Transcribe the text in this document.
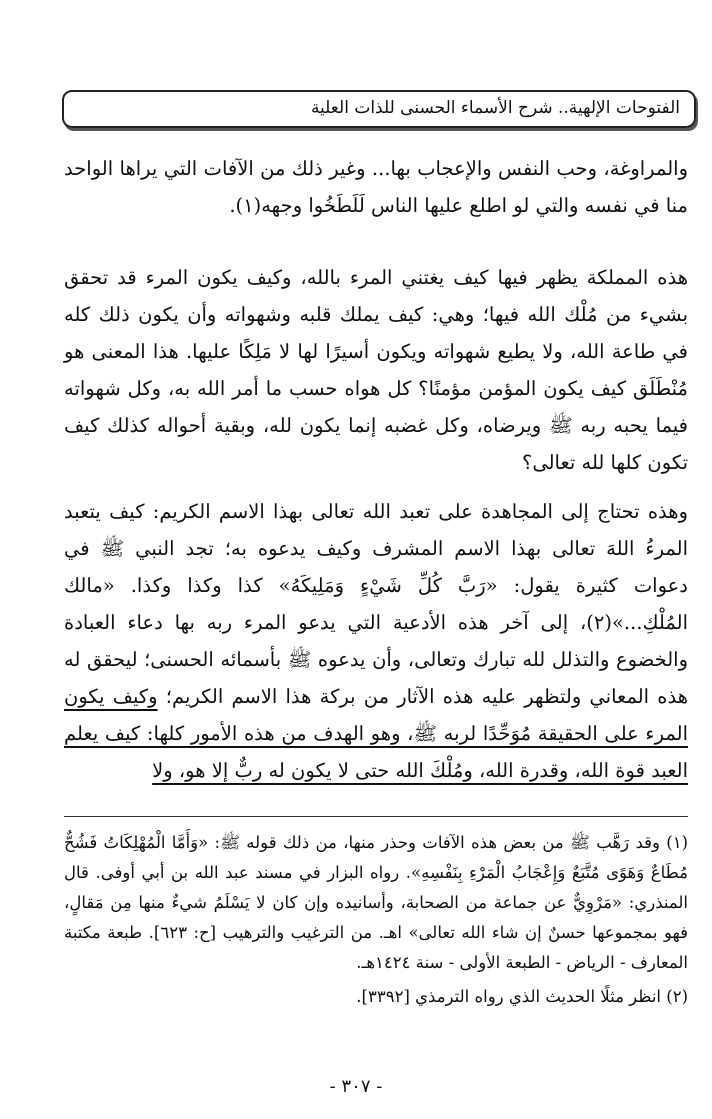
الفتوحات الإلهية.. شرح الأسماء الحسنى للذات العلية

والمراوغة، وحب النفس والإعجاب بها... وغير ذلك من الآفات التي يراها الواحد منا في نفسه والتي لو اطلع عليها الناس لَلَطَخُوا وجهه(١).

هذه المملكة يظهر فيها كيف يغتني المرء بالله، وكيف يكون المرء قد تحقق بشيء من مُلْك الله فيها؛ وهي: كيف يملك قلبه وشهواته وأن يكون ذلك كله في طاعة الله، ولا يطيع شهواته ويكون أسيرًا لها لا مَلِكًا عليها. هذا المعنى هو مُنْطَلَق كيف يكون المؤمن مؤمنًا؟ كل هواه حسب ما أمر الله به، وكل شهواته فيما يحبه ربه ﷺ ويرضاه، وكل غضبه إنما يكون لله، وبقية أحواله كذلك كيف تكون كلها لله تعالى؟

وهذه تحتاج إلى المجاهدة على تعبد الله تعالى بهذا الاسم الكريم: كيف يتعبد المرءُ اللهَ تعالى بهذا الاسم المشرف وكيف يدعوه به؛ تجد النبي ﷺ في دعوات كثيرة يقول: «رَبَّ كُلِّ شَيْءٍ وَمَلِيكَهُ» كذا وكذا وكذا. «مالك المُلْكِ...»(٢)، إلى آخر هذه الأدعية التي يدعو المرء ربه بها دعاء العبادة والخضوع والتذلل لله تبارك وتعالى، وأن يدعوه ﷺ بأسمائه الحسنى؛ ليحقق له هذه المعاني ولتظهر عليه هذه الآثار من بركة هذا الاسم الكريم؛ وكيف يكون المرء على الحقيقة مُوَحِّدًا لربه ﷺ، وهو الهدف من هذه الأمور كلها: كيف يعلم العبد قوة الله، وقدرة الله، ومُلْكَ الله حتى لا يكون له ربٌّ إلا هو، ولا

(١) وقد رَهَّب ﷺ من بعض هذه الآفات وحذر منها، من ذلك قوله ﷺ: «وَأَمَّا الْمُهْلِكَاتُ فَشُحٌّ مُطَاعٌ وَهَوًى مُتَّبَعٌ وَإِعْجَابُ الْمَرْءِ بِنَفْسِهِ». رواه البزار في مسند عبد الله بن أبي أوفى. قال المنذري: «مَرْوِيٌّ عن جماعة من الصحابة، وأسانيده وإن كان لا يَسْلَمُ شيءٌ منها مِن مَقالٍ، فهو بمجموعها حسنٌ إن شاء الله تعالى» اهـ. من الترغيب والترهيب [ح: ٦٢٣]. طبعة مكتبة المعارف - الرياض - الطبعة الأولى - سنة ١٤٢٤هـ.

(٢) انظر مثلًا الحديث الذي رواه الترمذي [٣٣٩٢].

- ٣٠٧ -
